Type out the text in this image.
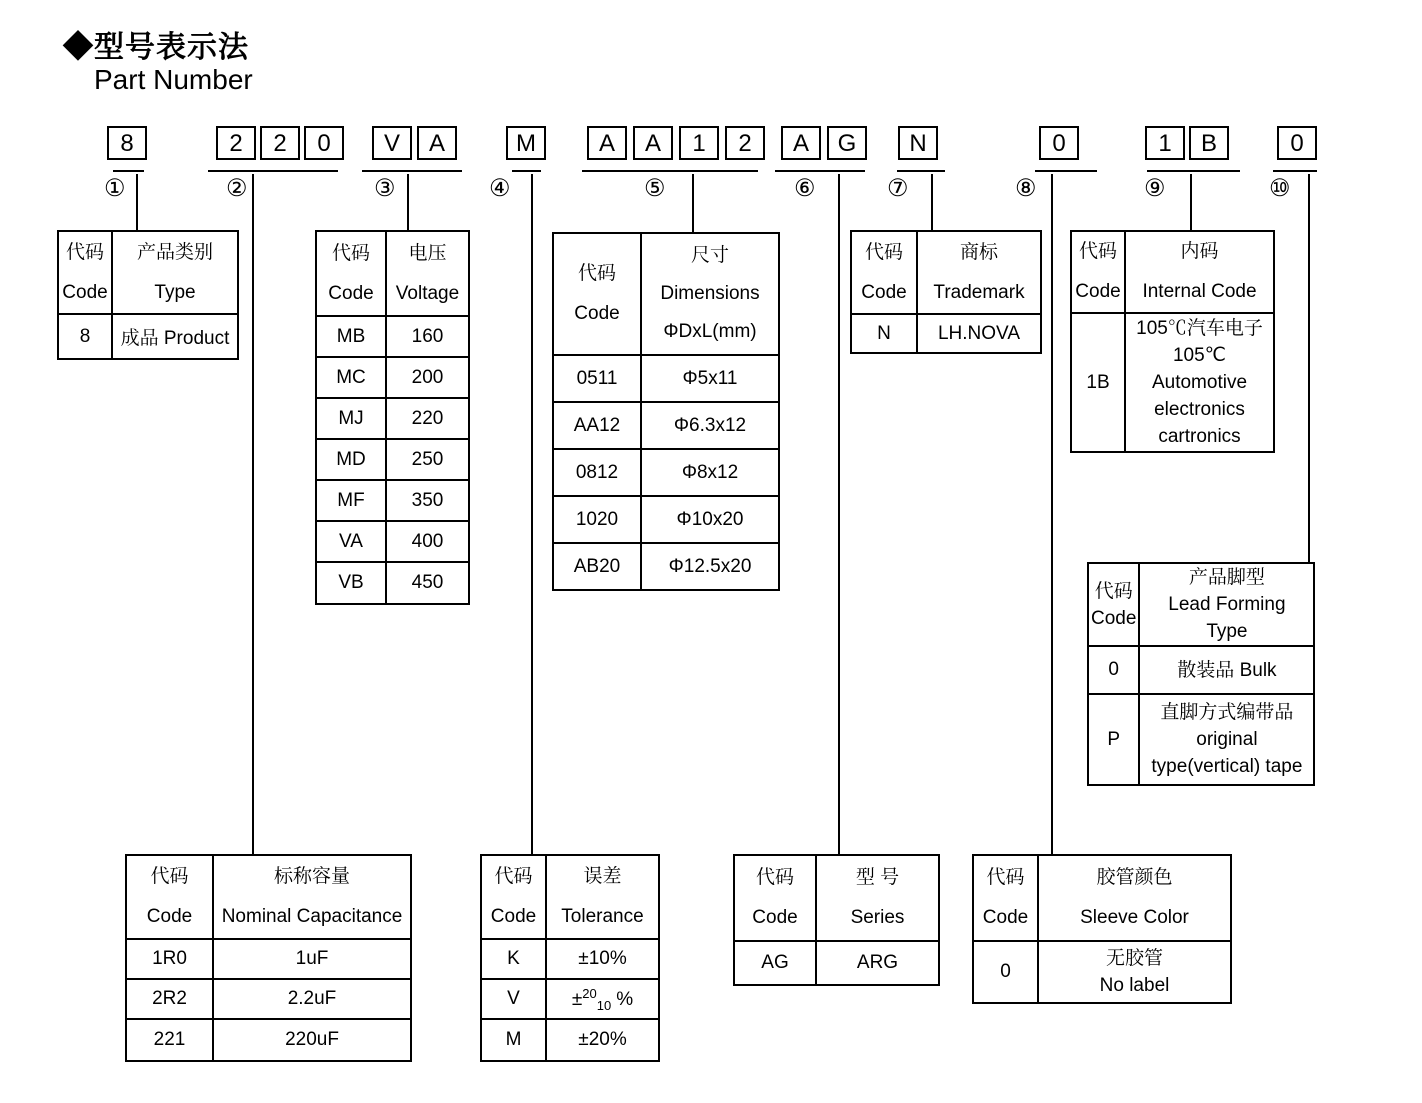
◆型号表示法
Part Number
8	2	2	0	V	A	M	A	A	1	2	A	G	N	0	1	B	0
①	②	③	④	⑤	⑥	⑦	⑧	⑨	⑩
代码
Code	产品类别
Type

8	成品 Product
代码
Code	电压
Voltage

MB	160
MC	200
MJ	220
MD	250
MF	350
VA	400
VB	450
代码
Code	尺寸
Dimensions
ΦDxL(mm)

0511	Φ5x11
AA12	Φ6.3x12
0812	Φ8x12
1020	Φ10x20
AB20	Φ12.5x20
代码
Code	商标
Trademark

N	LH.NOVA
代码
Code	内码
Internal Code

1B	105℃汽车电子
105℃
Automotive
electronics
cartronics
代码
Code	产品脚型
Lead Forming
Type

0	散装品 Bulk

P	直脚方式编带品
original
type(vertical) tape
代码
Code	标称容量
Nominal Capacitance

1R0	1uF
2R2	2.2uF
221	220uF
代码
Code	误差
Tolerance

K	±10%
V	±$^{20}_{10}$ %
M	±20%
代码
Code	型 号
Series

AG	ARG
代码
Code	胶管颜色
Sleeve Color

0	无胶管
No label
